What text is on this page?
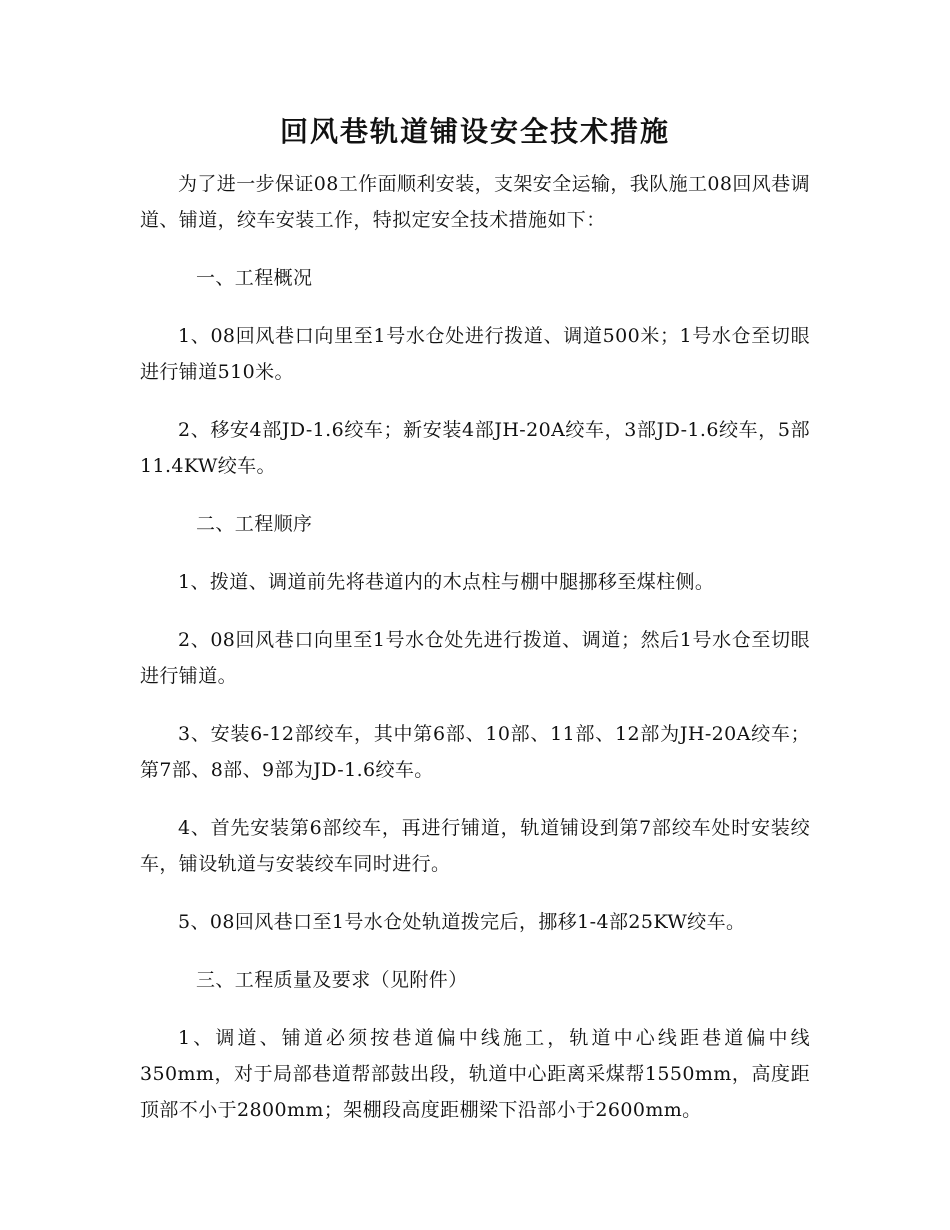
回风巷轨道铺设安全技术措施

为了进一步保证08工作面顺利安装，支架安全运输，我队施工08回风巷调道、铺道，绞车安装工作，特拟定安全技术措施如下：

一、工程概况

1、08回风巷口向里至1号水仓处进行拨道、调道500米；1号水仓至切眼进行铺道510米。

2、移安4部JD-1.6绞车；新安装4部JH-20A绞车，3部JD-1.6绞车，5部11.4KW绞车。

二、工程顺序

1、拨道、调道前先将巷道内的木点柱与棚中腿挪移至煤柱侧。

2、08回风巷口向里至1号水仓处先进行拨道、调道；然后1号水仓至切眼进行铺道。

3、安装6-12部绞车，其中第6部、10部、11部、12部为JH-20A绞车；第7部、8部、9部为JD-1.6绞车。

4、首先安装第6部绞车，再进行铺道，轨道铺设到第7部绞车处时安装绞车，铺设轨道与安装绞车同时进行。

5、08回风巷口至1号水仓处轨道拨完后，挪移1-4部25KW绞车。

三、工程质量及要求（见附件）

1、调道、铺道必须按巷道偏中线施工，轨道中心线距巷道偏中线350mm，对于局部巷道帮部鼓出段，轨道中心距离采煤帮1550mm，高度距顶部不小于2800mm；架棚段高度距棚梁下沿部小于2600mm。
